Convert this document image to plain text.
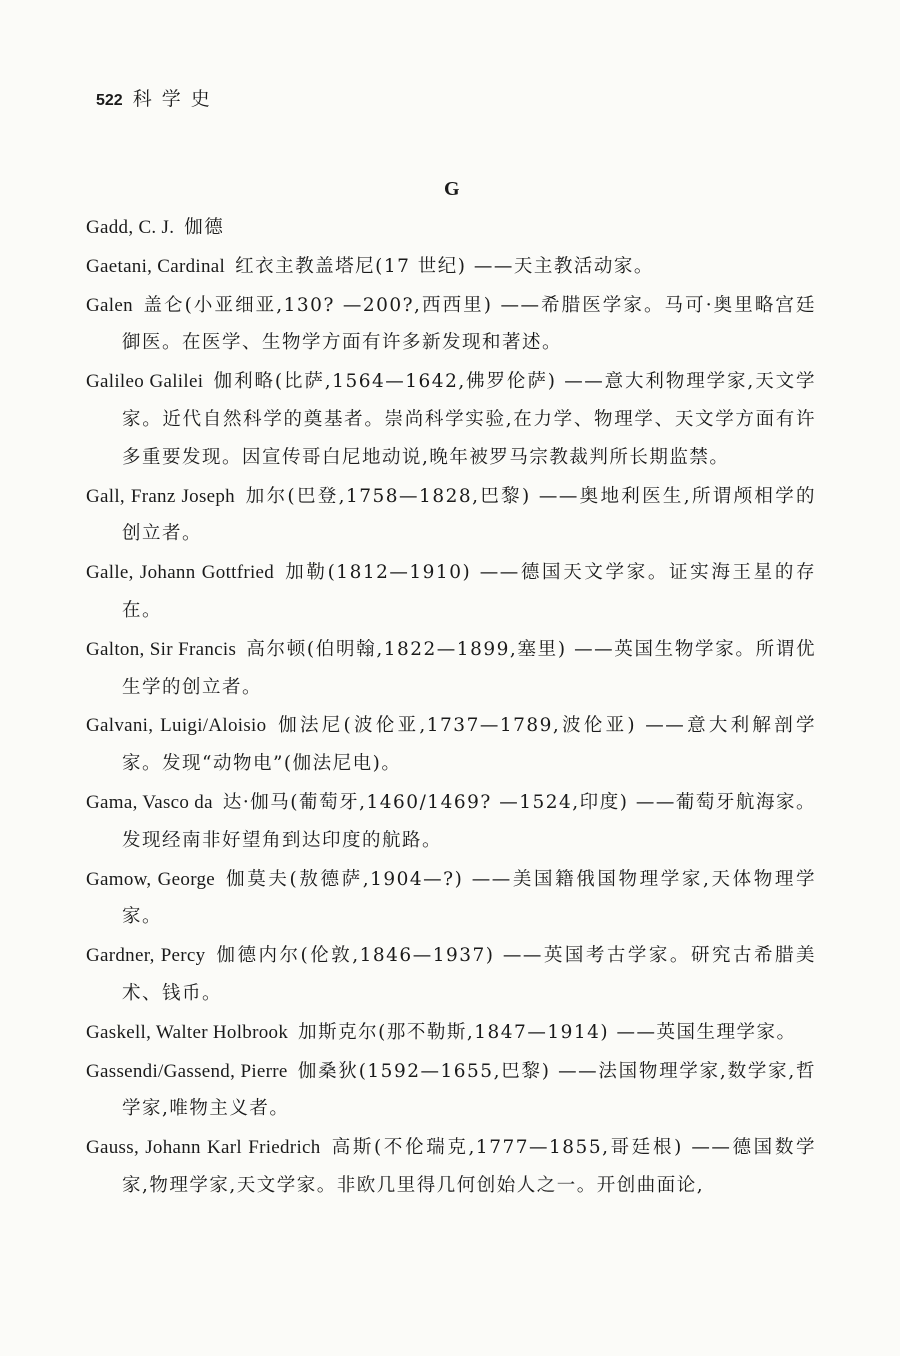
522 科学史
G
Gadd, C. J. 伽德
Gaetani, Cardinal 红衣主教盖塔尼(17 世纪) ——天主教活动家。
Galen 盖仑(小亚细亚,130? —200?,西西里) ——希腊医学家。马可·奥里略宫廷御医。在医学、生物学方面有许多新发现和著述。
Galileo Galilei 伽利略(比萨,1564—1642,佛罗伦萨) ——意大利物理学家,天文学家。近代自然科学的奠基者。崇尚科学实验,在力学、物理学、天文学方面有许多重要发现。因宣传哥白尼地动说,晚年被罗马宗教裁判所长期监禁。
Gall, Franz Joseph 加尔(巴登,1758—1828,巴黎) ——奥地利医生,所谓颅相学的创立者。
Galle, Johann Gottfried 加勒(1812—1910) ——德国天文学家。证实海王星的存在。
Galton, Sir Francis 高尔顿(伯明翰,1822—1899,塞里) ——英国生物学家。所谓优生学的创立者。
Galvani, Luigi/Aloisio 伽法尼(波伦亚,1737—1789,波伦亚) ——意大利解剖学家。发现“动物电”(伽法尼电)。
Gama, Vasco da 达·伽马(葡萄牙,1460/1469? —1524,印度) ——葡萄牙航海家。发现经南非好望角到达印度的航路。
Gamow, George 伽莫夫(敖德萨,1904—?) ——美国籍俄国物理学家,天体物理学家。
Gardner, Percy 伽德内尔(伦敦,1846—1937) ——英国考古学家。研究古希腊美术、钱币。
Gaskell, Walter Holbrook 加斯克尔(那不勒斯,1847—1914) ——英国生理学家。
Gassendi/Gassend, Pierre 伽桑狄(1592—1655,巴黎) ——法国物理学家,数学家,哲学家,唯物主义者。
Gauss, Johann Karl Friedrich 高斯(不伦瑞克,1777—1855,哥廷根) ——德国数学家,物理学家,天文学家。非欧几里得几何创始人之一。开创曲面论,
